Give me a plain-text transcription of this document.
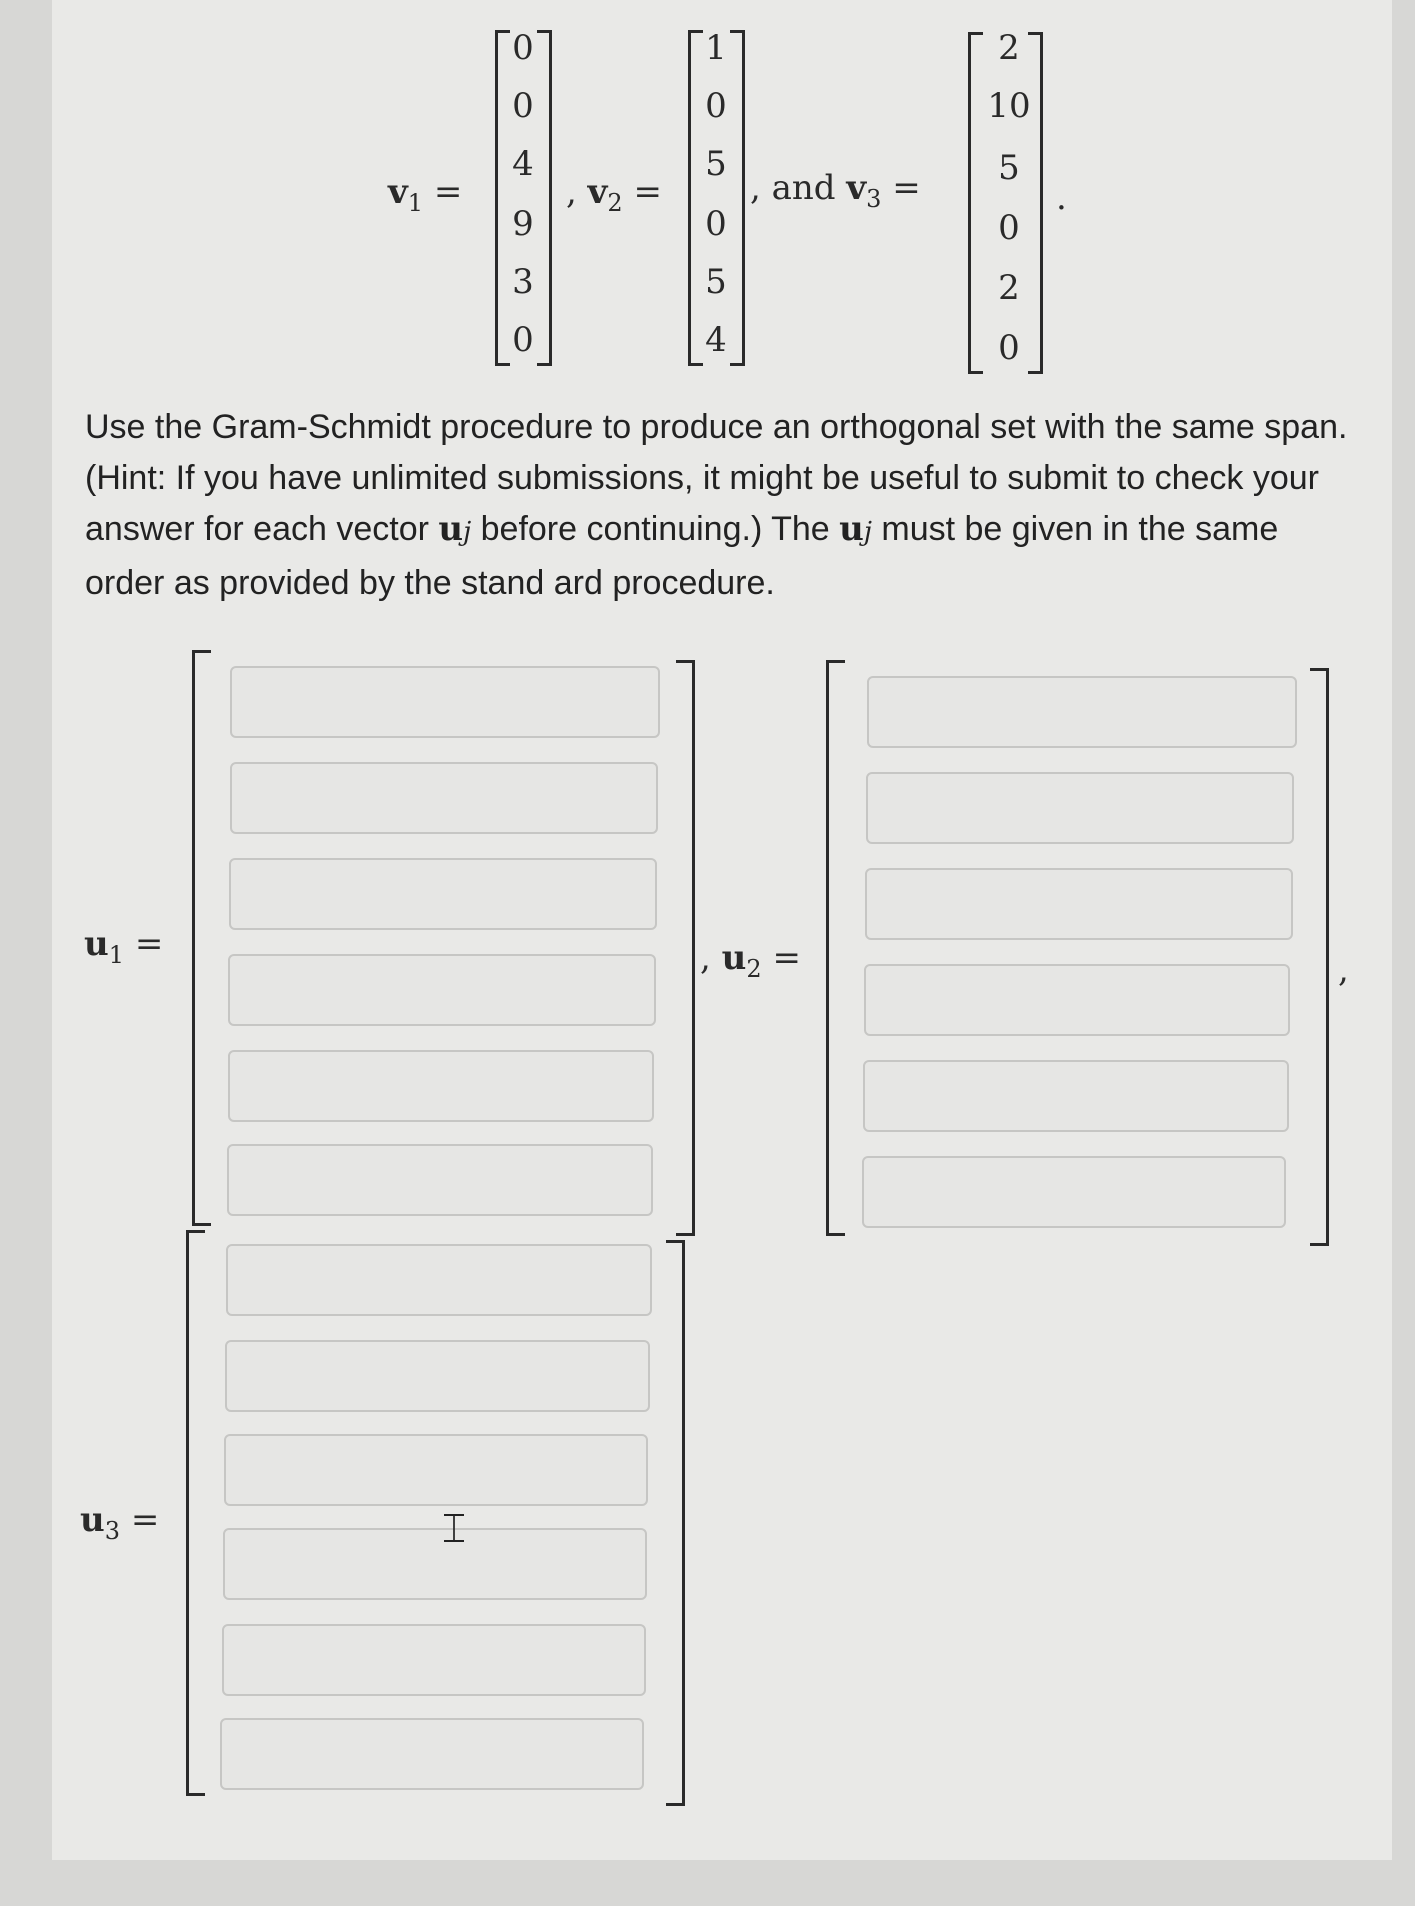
$v_1$ =
0
0
4
9
3
0
, $v_2$ =
1
0
5
0
5
4
, and $v_3$ =
2
10
5
0
2
0
.
Use the Gram-Schmidt procedure to produce an orthogonal set with the same span. (Hint: If you have unlimited submissions, it might be useful to submit to check your answer for each vector uj before continuing.) The uj must be given in the same order as provided by the stand ard procedure.
$u_1$ =	, $u_2$ =	,
$u_3$ =	⌶
